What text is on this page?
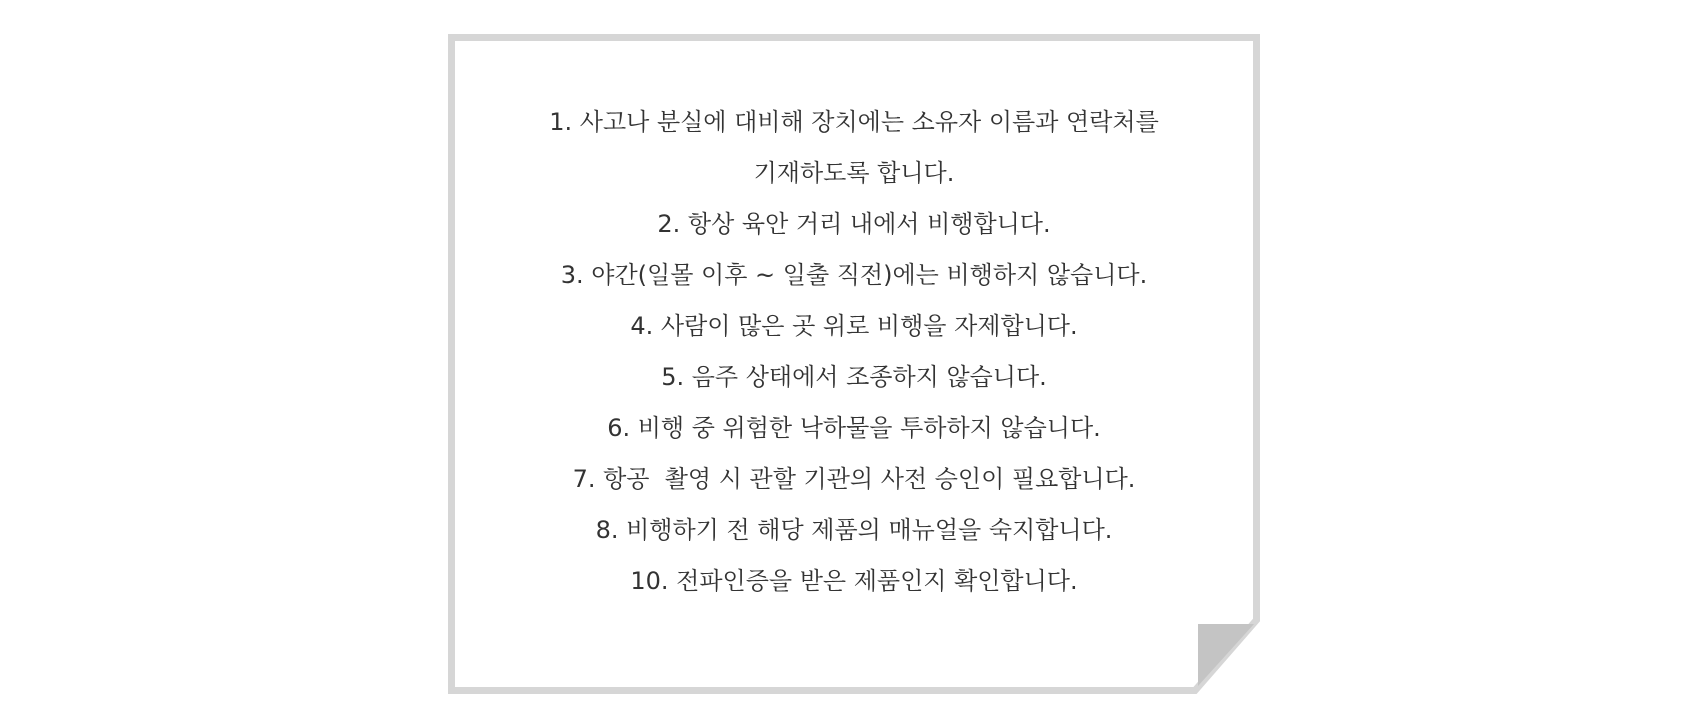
1. 사고나 분실에 대비해 장치에는 소유자 이름과 연락처를
기재하도록 합니다.
2. 항상 육안 거리 내에서 비행합니다.
3. 야간(일몰 이후 ~ 일출 직전)에는 비행하지 않습니다.
4. 사람이 많은 곳 위로 비행을 자제합니다.
5. 음주 상태에서 조종하지 않습니다.
6. 비행 중 위험한 낙하물을 투하하지 않습니다.
7. 항공  촬영 시 관할 기관의 사전 승인이 필요합니다.
8. 비행하기 전 해당 제품의 매뉴얼을 숙지합니다.
10. 전파인증을 받은 제품인지 확인합니다.
